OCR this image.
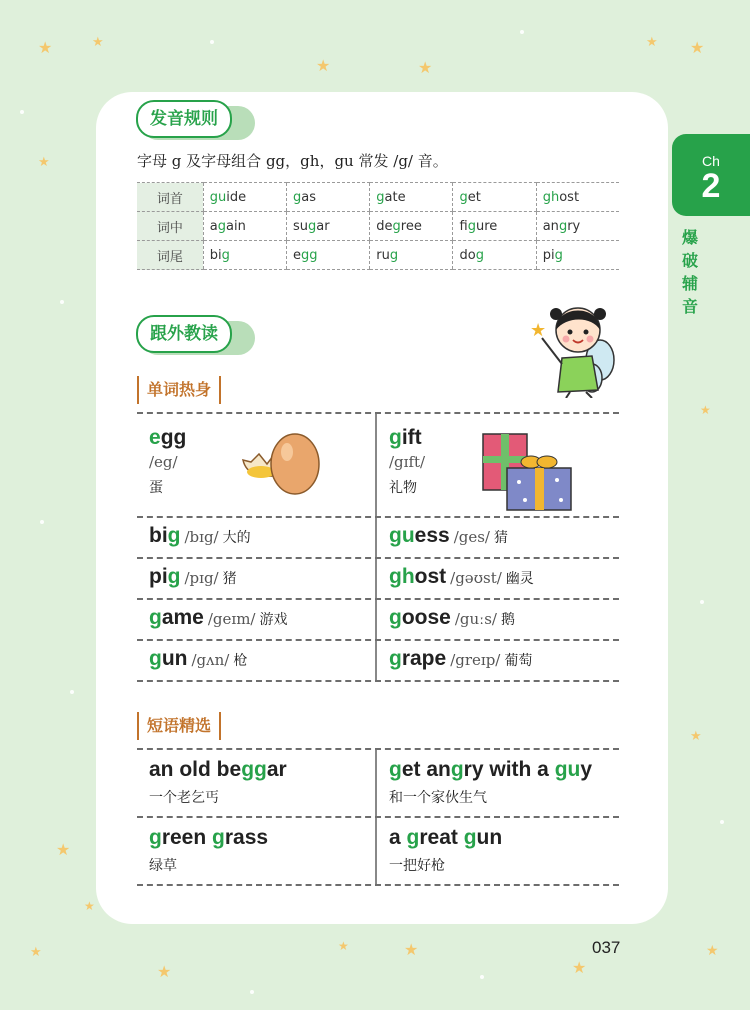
★	★
★	★
★
★
★
★
★
★
★
★	★
★
★
★
★
Ch
2
爆
破
辅
音
发音规则
字母 g 及字母组合 gg，gh，gu 常发 /g/ 音。
词首	guide	gas	gate	get	ghost
词中	again	sugar	degree	figure	angry
词尾	big	egg	rug	dog	pig
跟外教读	★
单词热身
egg
/eg/
蛋
gift
/gɪft/
礼物
big /bɪg/ 大的	guess /ges/ 猜
pig /pɪg/ 猪	ghost /gəʊst/ 幽灵
game /geɪm/ 游戏	goose /guːs/ 鹅
gun /gʌn/ 枪	grape /greɪp/ 葡萄
短语精选
an old beggar
一个老乞丐
get angry with a guy
和一个家伙生气
green grass
绿草
a great gun
一把好枪
037
